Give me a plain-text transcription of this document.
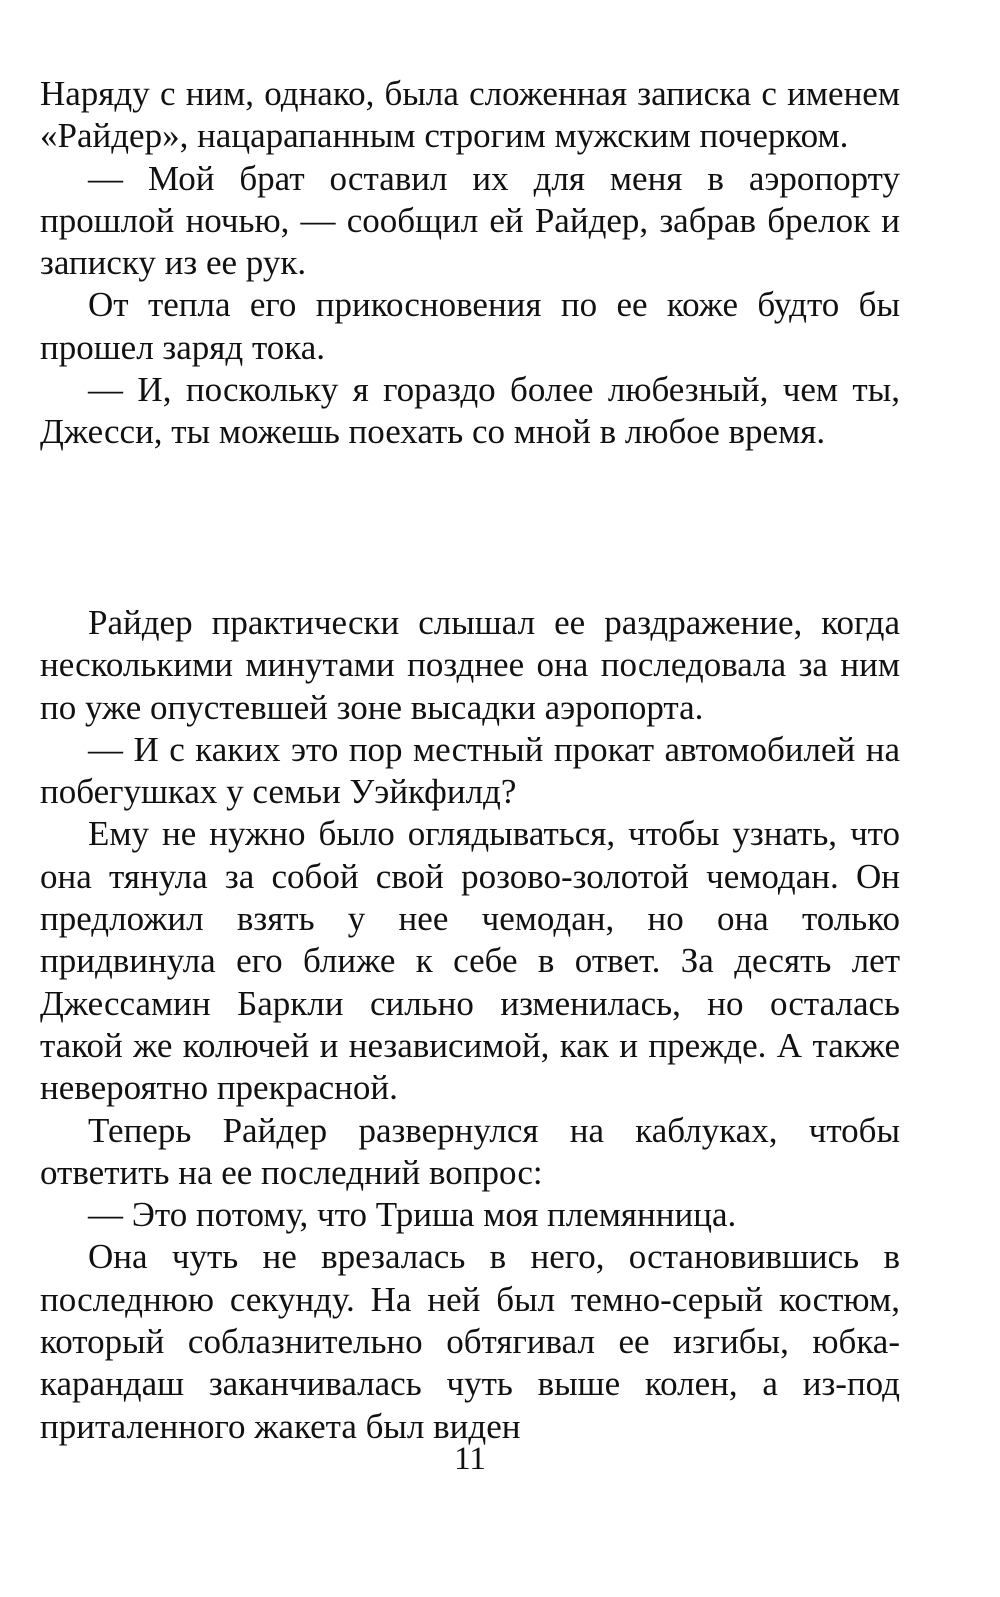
Наряду с ним, однако, была сложенная записка с именем «Райдер», нацарапанным строгим мужским почерком.

— Мой брат оставил их для меня в аэропорту прошлой ночью, — сообщил ей Райдер, забрав брелок и записку из ее рук.

От тепла его прикосновения по ее коже будто бы прошел заряд тока.

— И, поскольку я гораздо более любезный, чем ты, Джесси, ты можешь поехать со мной в любое время.

Райдер практически слышал ее раздражение, когда несколькими минутами позднее она последовала за ним по уже опустевшей зоне высадки аэропорта.

— И с каких это пор местный прокат автомобилей на побегушках у семьи Уэйкфилд?

Ему не нужно было оглядываться, чтобы узнать, что она тянула за собой свой розово-золотой чемодан. Он предложил взять у нее чемодан, но она только придвинула его ближе к себе в ответ. За десять лет Джессамин Баркли сильно изменилась, но осталась такой же колючей и независимой, как и прежде. А также невероятно прекрасной.

Теперь Райдер развернулся на каблуках, чтобы ответить на ее последний вопрос:

— Это потому, что Триша моя племянница.

Она чуть не врезалась в него, остановившись в последнюю секунду. На ней был темно-серый костюм, который соблазнительно обтягивал ее изгибы, юбка-карандаш заканчивалась чуть выше колен, а из-под приталенного жакета был виден

11
